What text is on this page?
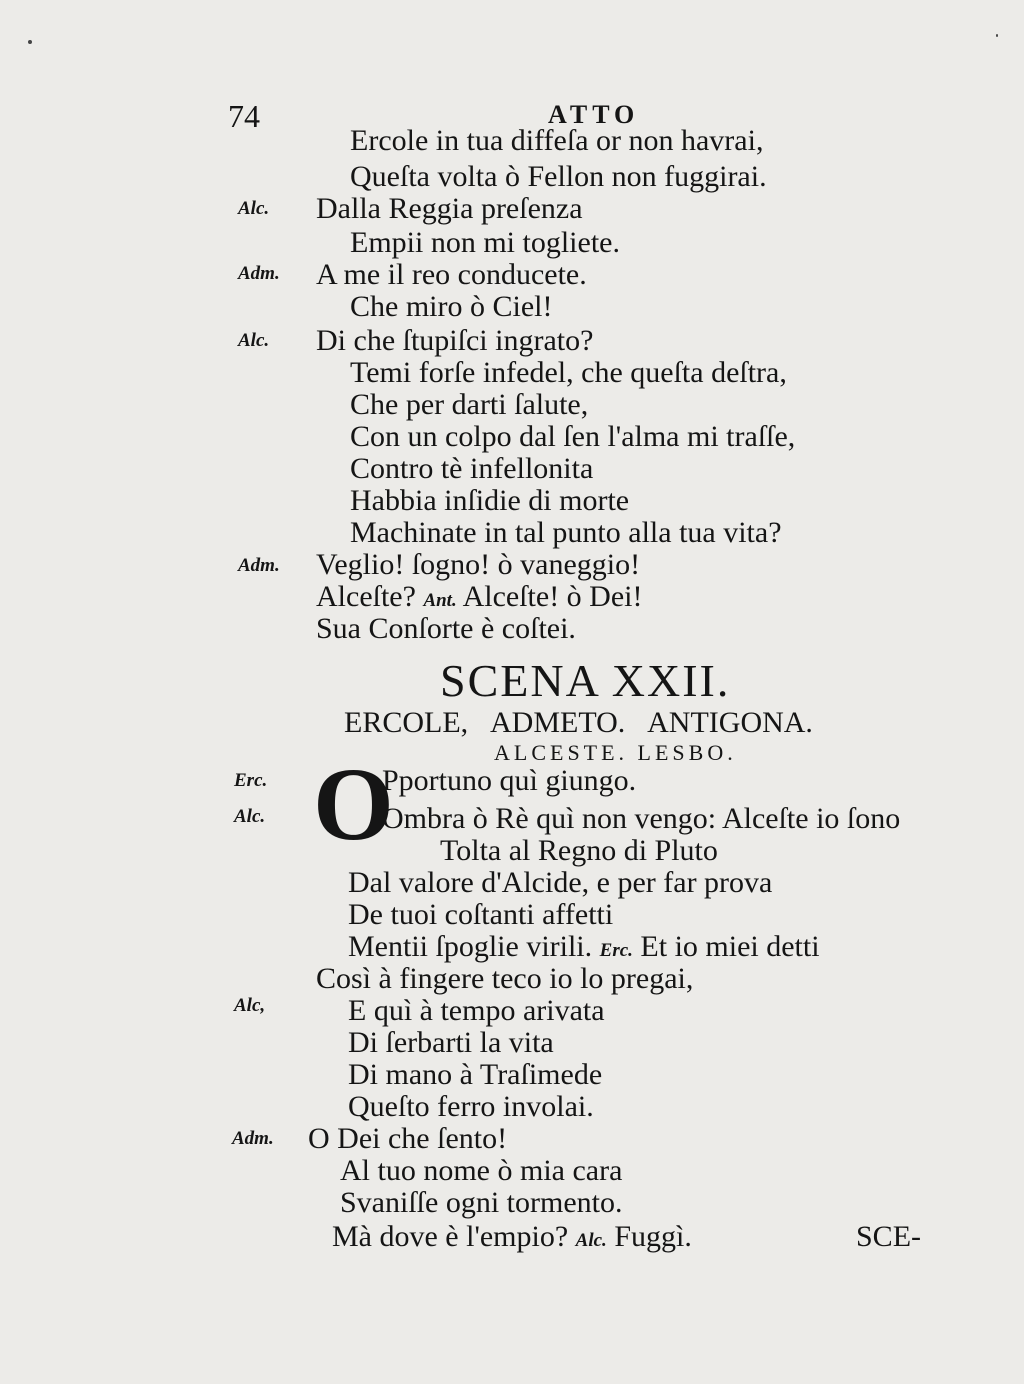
74	ATTO
Alc.
Adm.
Alc.
Adm.
Erc.
Alc.
Alc,
Adm.
Ercole in tua diffeſa or non havrai,
Queſta volta ò Fellon non fuggirai.
Dalla Reggia preſenza
Empii non mi togliete.
A me il reo conducete.
Che miro ò Ciel!
Di che ſtupiſci ingrato?
Temi forſe infedel, che queſta deſtra,
Che per darti ſalute,
Con un colpo dal ſen l'alma mi traſſe,
Contro tè infellonita
Habbia inſidie di morte
Machinate in tal punto alla tua vita?
Veglio! ſogno! ò vaneggio!
Alceſte? Ant. Alceſte! ò Dei!
Sua Conſorte è coſtei.
SCENA XXII.
ERCOLE, ADMETO. ANTIGONA.
ALCESTE. LESBO.
O
Pportuno quì giungo.
Ombra ò Rè quì non vengo: Alceſte io ſono
Tolta al Regno di Pluto
Dal valore d'Alcide, e per far prova
De tuoi coſtanti affetti
Mentii ſpoglie virili. Erc. Et io miei detti
Così à fingere teco io lo pregai,
E quì à tempo arivata
Di ſerbarti la vita
Di mano à Traſimede
Queſto ferro involai.
O Dei che ſento!
Al tuo nome ò mia cara
Svaniſſe ogni tormento.
Mà dove è l'empio? Alc. Fuggì.	SCE-
